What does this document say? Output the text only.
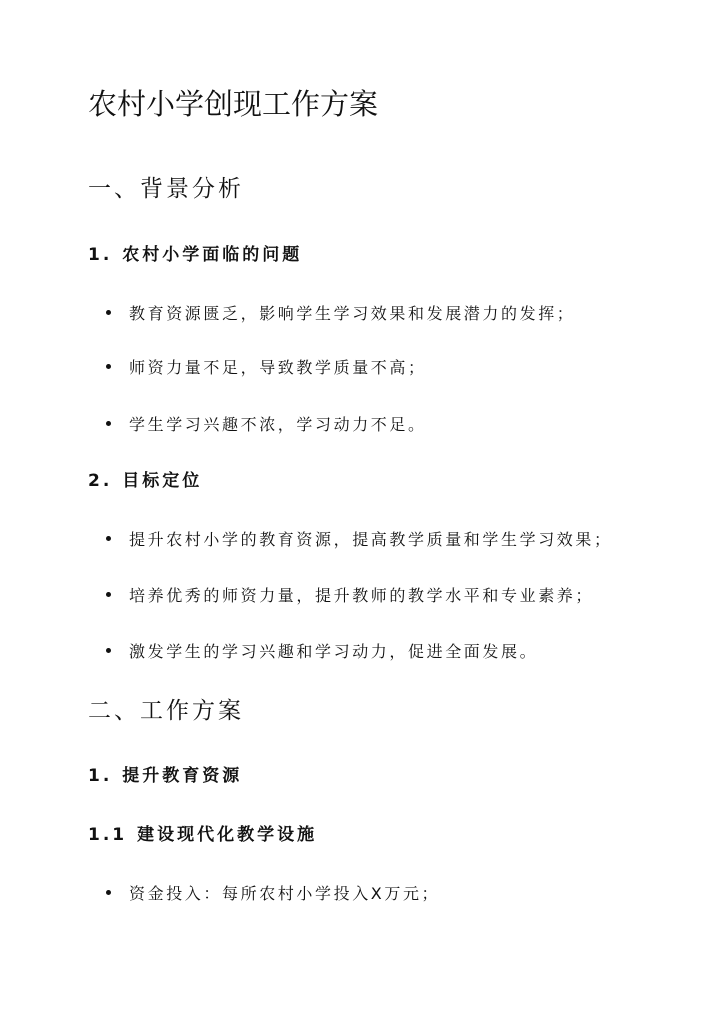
农村小学创现工作方案
一、背景分析
1. 农村小学面临的问题
教育资源匮乏，影响学生学习效果和发展潜力的发挥；
师资力量不足，导致教学质量不高；
学生学习兴趣不浓，学习动力不足。
2. 目标定位
提升农村小学的教育资源，提高教学质量和学生学习效果；
培养优秀的师资力量，提升教师的教学水平和专业素养；
激发学生的学习兴趣和学习动力，促进全面发展。
二、工作方案
1. 提升教育资源
1.1 建设现代化教学设施
资金投入：每所农村小学投入X万元；
